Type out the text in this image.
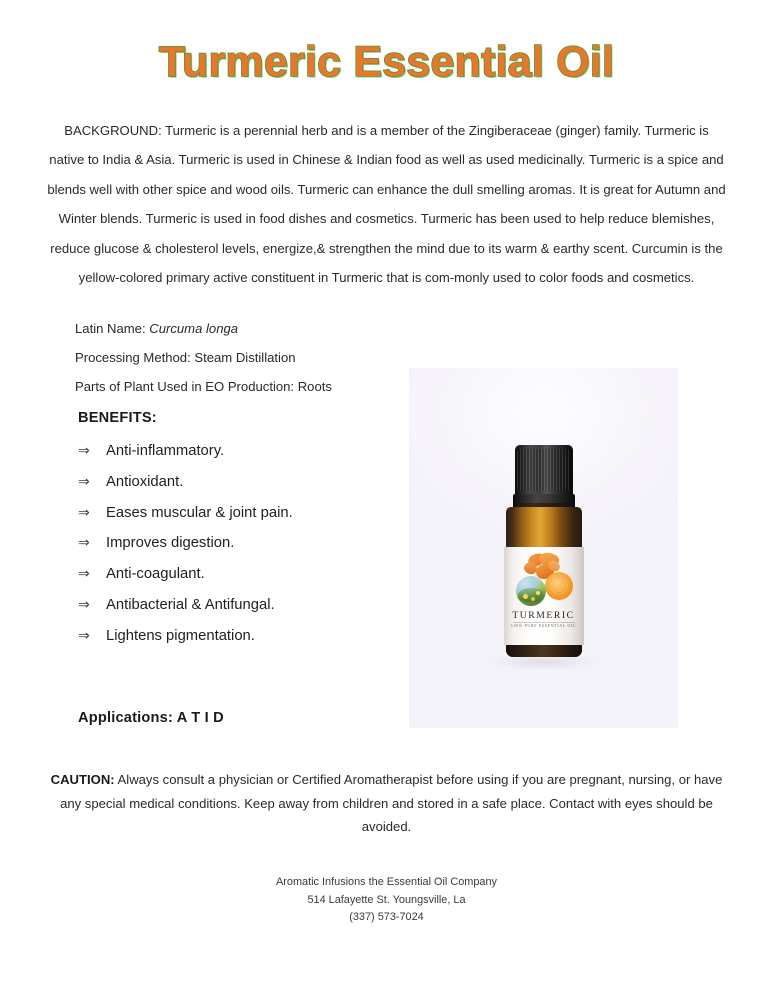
Turmeric Essential Oil
BACKGROUND: Turmeric is a perennial herb and is a member of the Zingiberaceae (ginger) family. Turmeric is native to India & Asia. Turmeric is used in Chinese & Indian food as well as used medicinally. Turmeric is a spice and blends well with other spice and wood oils. Turmeric can enhance the dull smelling aromas. It is great for Autumn and Winter blends. Turmeric is used in food dishes and cosmetics. Turmeric has been used to help reduce blemishes, reduce glucose & cholesterol levels, energize,& strengthen the mind due to its warm & earthy scent. Curcumin is the yellow-colored primary active constituent in Turmeric that is com-monly used to color foods and cosmetics.
Latin Name: Curcuma longa
Processing Method: Steam Distillation
Parts of Plant Used in EO Production: Roots
BENEFITS:
⇒	Anti-inflammatory.
⇒	Antioxidant.
⇒	Eases muscular & joint pain.
⇒	Improves digestion.
⇒	Anti-coagulant.
⇒	Antibacterial & Antifungal.
⇒	Lightens pigmentation.
Applications: A T I D
TURMERIC
100% PURE ESSENTIAL OIL
CAUTION: Always consult a physician or Certified Aromatherapist before using if you are pregnant, nursing, or have any special medical conditions. Keep away from children and stored in a safe place. Contact with eyes should be avoided.
Aromatic Infusions the Essential Oil Company
514 Lafayette St. Youngsville, La
(337) 573-7024
